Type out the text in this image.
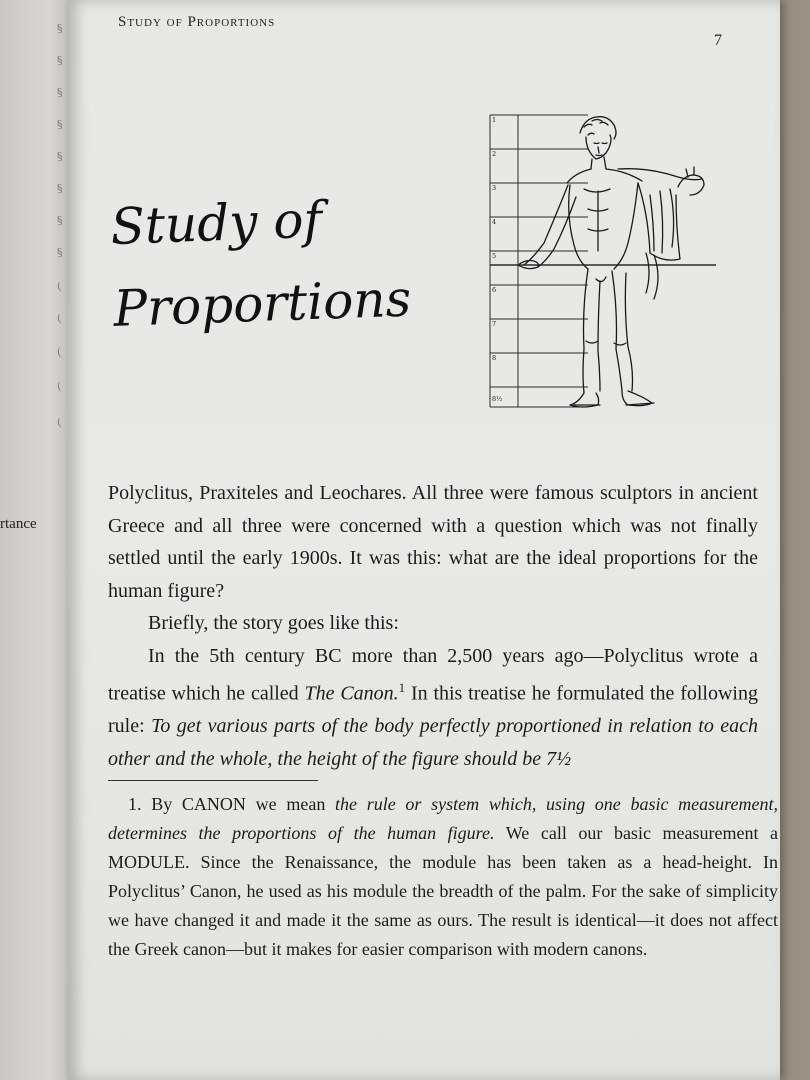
§
§
§
§
§
§
§
§
(
(
(
(
(
rtance
Study of Proportions
7
Study of
Proportions
1
2
3
4
5
6
7
8
8½

Polyclitus, Praxiteles and Leochares. All three were famous sculptors in ancient Greece and all three were concerned with a question which was not finally settled until the early 1900s. It was this: what are the ideal proportions for the human figure?

Briefly, the story goes like this:

In the 5th century BC more than 2,500 years ago—Polyclitus wrote a treatise which he called The Canon.$^1$ In this treatise he formulated the following rule: To get various parts of the body perfectly proportioned in relation to each other and the whole, the height of the figure should be 7½

1. By CANON we mean the rule or system which, using one basic measurement, determines the proportions of the human figure. We call our basic measurement a MODULE. Since the Renaissance, the module has been taken as a head-height. In Polyclitus’ Canon, he used as his module the breadth of the palm. For the sake of simplicity we have changed it and made it the same as ours. The result is identical—it does not affect the Greek canon—but it makes for easier comparison with modern canons.
